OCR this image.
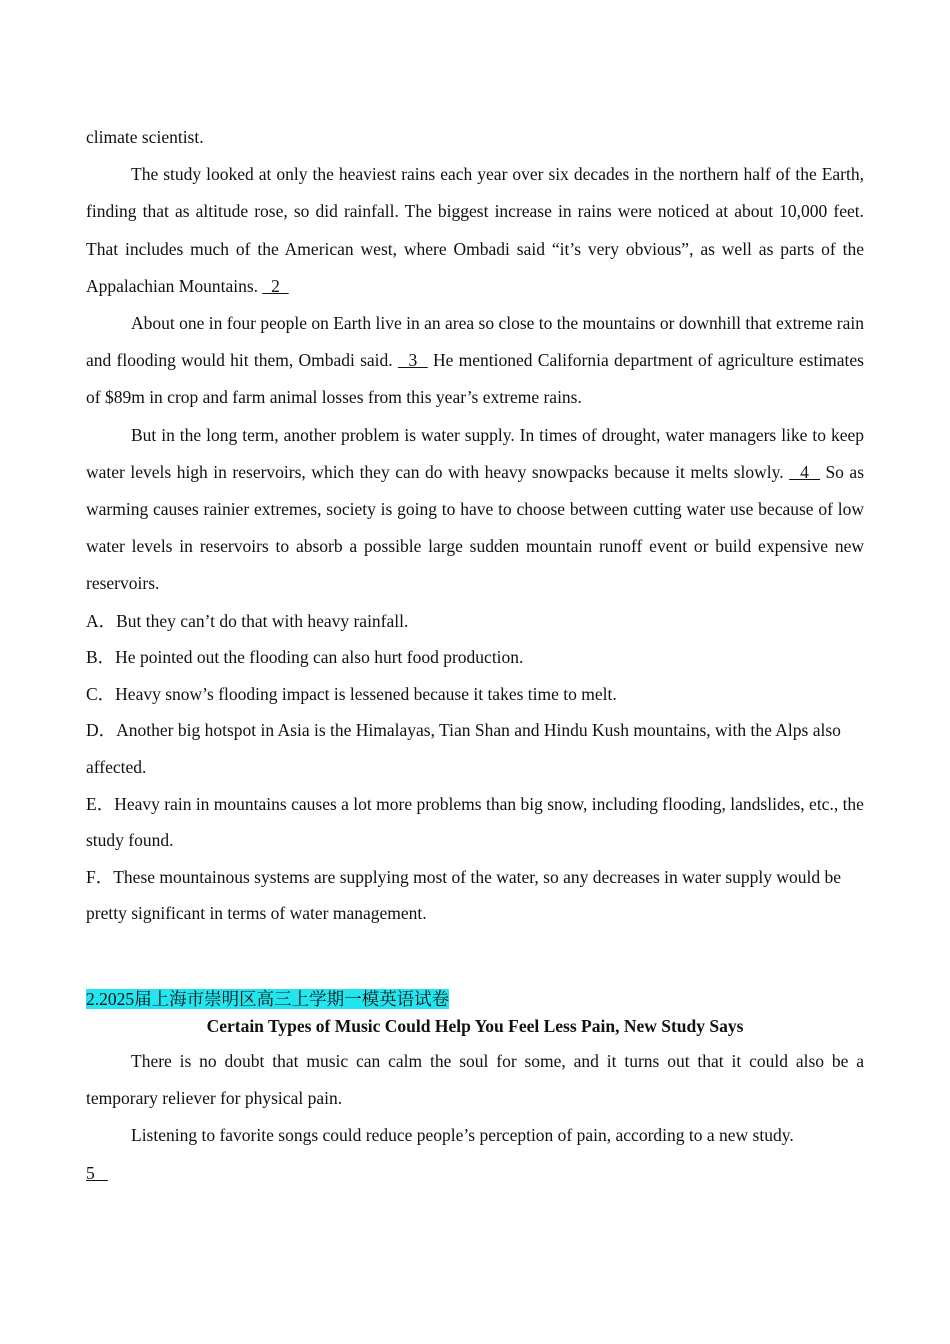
climate scientist.

The study looked at only the heaviest rains each year over six decades in the northern half of the Earth, finding that as altitude rose, so did rainfall. The biggest increase in rains were noticed at about 10,000 feet. That includes much of the American west, where Ombadi said “it’s very obvious”, as well as parts of the Appalachian Mountains.   2

About one in four people on Earth live in an area so close to the mountains or downhill that extreme rain and flooding would hit them, Ombadi said.   3   He mentioned California department of agriculture estimates of $89m in crop and farm animal losses from this year’s extreme rains.

But in the long term, another problem is water supply. In times of drought, water managers like to keep water levels high in reservoirs, which they can do with heavy snowpacks because it melts slowly.   4   So as warming causes rainier extremes, society is going to have to choose between cutting water use because of low water levels in reservoirs to absorb a possible large sudden mountain runoff event or build expensive new reservoirs.

A．But they can’t do that with heavy rainfall.

B．He pointed out the flooding can also hurt food production.

C．Heavy snow’s flooding impact is lessened because it takes time to melt.

D．Another big hotspot in Asia is the Himalayas, Tian Shan and Hindu Kush mountains, with the Alps also affected.

E．Heavy rain in mountains causes a lot more problems than big snow, including flooding, landslides, etc., the study found.

F．These mountainous systems are supplying most of the water, so any decreases in water supply would be pretty significant in terms of water management.

2.2025届上海市崇明区高三上学期一模英语试卷

Certain Types of Music Could Help You Feel Less Pain, New Study Says

There is no doubt that music can calm the soul for some, and it turns out that it could also be a temporary reliever for physical pain.

Listening to favorite songs could reduce people’s perception of pain, according to a new study.

5
